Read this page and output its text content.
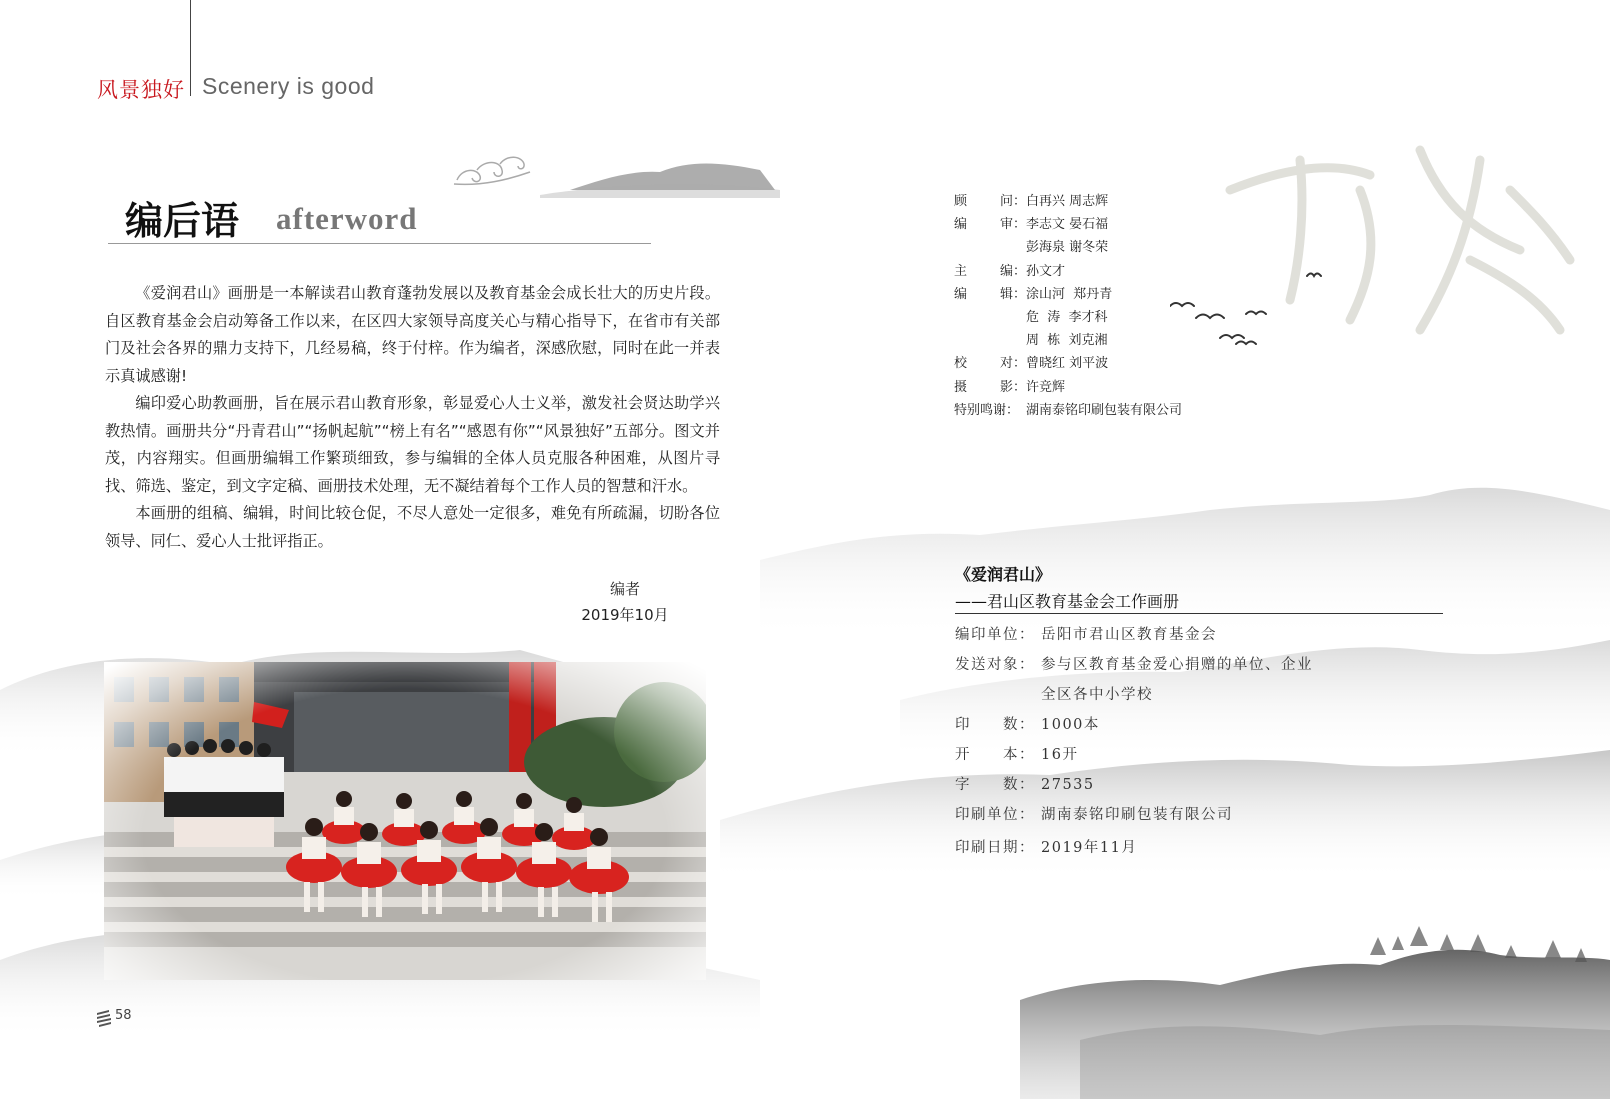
风景独好 Scenery is good
编后语 afterword

《爱润君山》画册是一本解读君山教育蓬勃发展以及教育基金会成长壮大的历史片段。自区教育基金会启动筹备工作以来，在区四大家领导高度关心与精心指导下，在省市有关部门及社会各界的鼎力支持下，几经易稿，终于付梓。作为编者，深感欣慰，同时在此一并表示真诚感谢!

编印爱心助教画册，旨在展示君山教育形象，彰显爱心人士义举，激发社会贤达助学兴教热情。画册共分“丹青君山”“扬帆起航”“榜上有名”“感恩有你”“风景独好”五部分。图文并茂，内容翔实。但画册编辑工作繁琐细致，参与编辑的全体人员克服各种困难，从图片寻找、筛选、鉴定，到文字定稿、画册技术处理，无不凝结着每个工作人员的智慧和汗水。

本画册的组稿、编辑，时间比较仓促，不尽人意处一定很多，难免有所疏漏，切盼各位领导、同仁、爱心人士批评指正。

编者
2019年10月
58
顾	问： 白再兴 周志辉
编	审： 李志文 晏石福
彭海泉 谢冬荣
主	编： 孙文才
编	辑： 涂山河  郑丹青
危  涛  李才科
周  栋  刘克湘
校	对： 曾晓红 刘平波
摄	影： 许竞辉
特别鸣谢： 湖南泰铭印刷包装有限公司
《爱润君山》
——君山区教育基金会工作画册
编印单位： 岳阳市君山区教育基金会
发送对象： 参与区教育基金爱心捐赠的单位、企业
全区各中小学校
印　　数： 1000本
开　　本： 16开
字　　数： 27535
印刷单位： 湖南泰铭印刷包装有限公司
印刷日期： 2019年11月
